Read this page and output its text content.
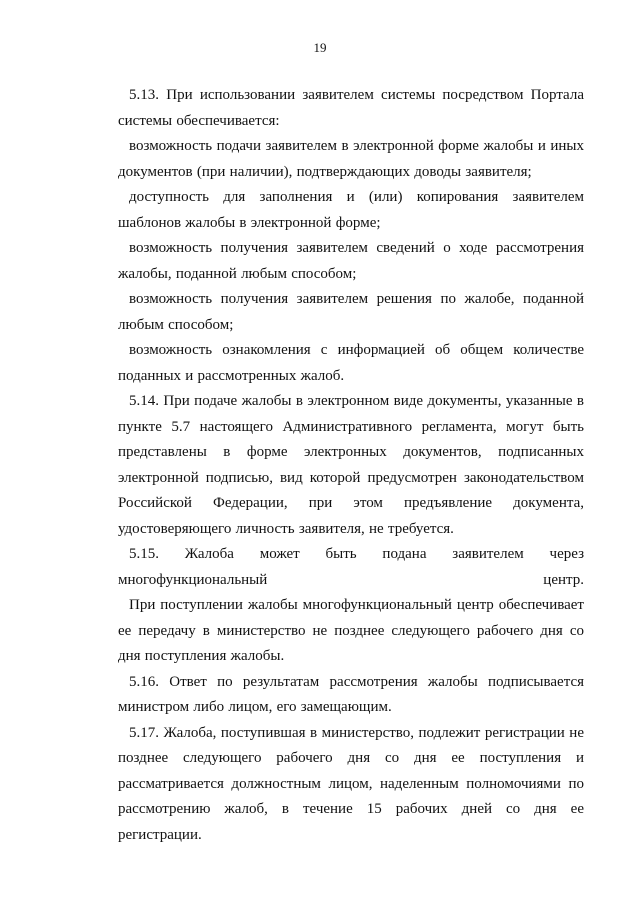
19

5.13. При использовании заявителем системы посредством Портала системы обеспечивается:

возможность подачи заявителем в электронной форме жалобы и иных документов (при наличии), подтверждающих доводы заявителя;

доступность для заполнения и (или) копирования заявителем шаблонов жалобы в электронной форме;

возможность получения заявителем сведений о ходе рассмотрения жалобы, поданной любым способом;

возможность получения заявителем решения по жалобе, поданной любым способом;

возможность ознакомления с информацией об общем количестве поданных и рассмотренных жалоб.

5.14. При подаче жалобы в электронном виде документы, указанные в пункте 5.7 настоящего Административного регламента, могут быть представлены в форме электронных документов, подписанных электронной подписью, вид которой предусмотрен законодательством Российской Федерации, при этом предъявление документа, удостоверяющего личность заявителя, не требуется.

5.15. Жалоба может быть подана заявителем через многофункциональный центр.

При поступлении жалобы многофункциональный центр обеспечивает ее передачу в министерство не позднее следующего рабочего дня со дня поступления жалобы.

5.16. Ответ по результатам рассмотрения жалобы подписывается министром либо лицом, его замещающим.

5.17. Жалоба, поступившая в министерство, подлежит регистрации не позднее следующего рабочего дня со дня ее поступления и рассматривается должностным лицом, наделенным полномочиями по рассмотрению жалоб, в течение 15 рабочих дней со дня ее регистрации.
